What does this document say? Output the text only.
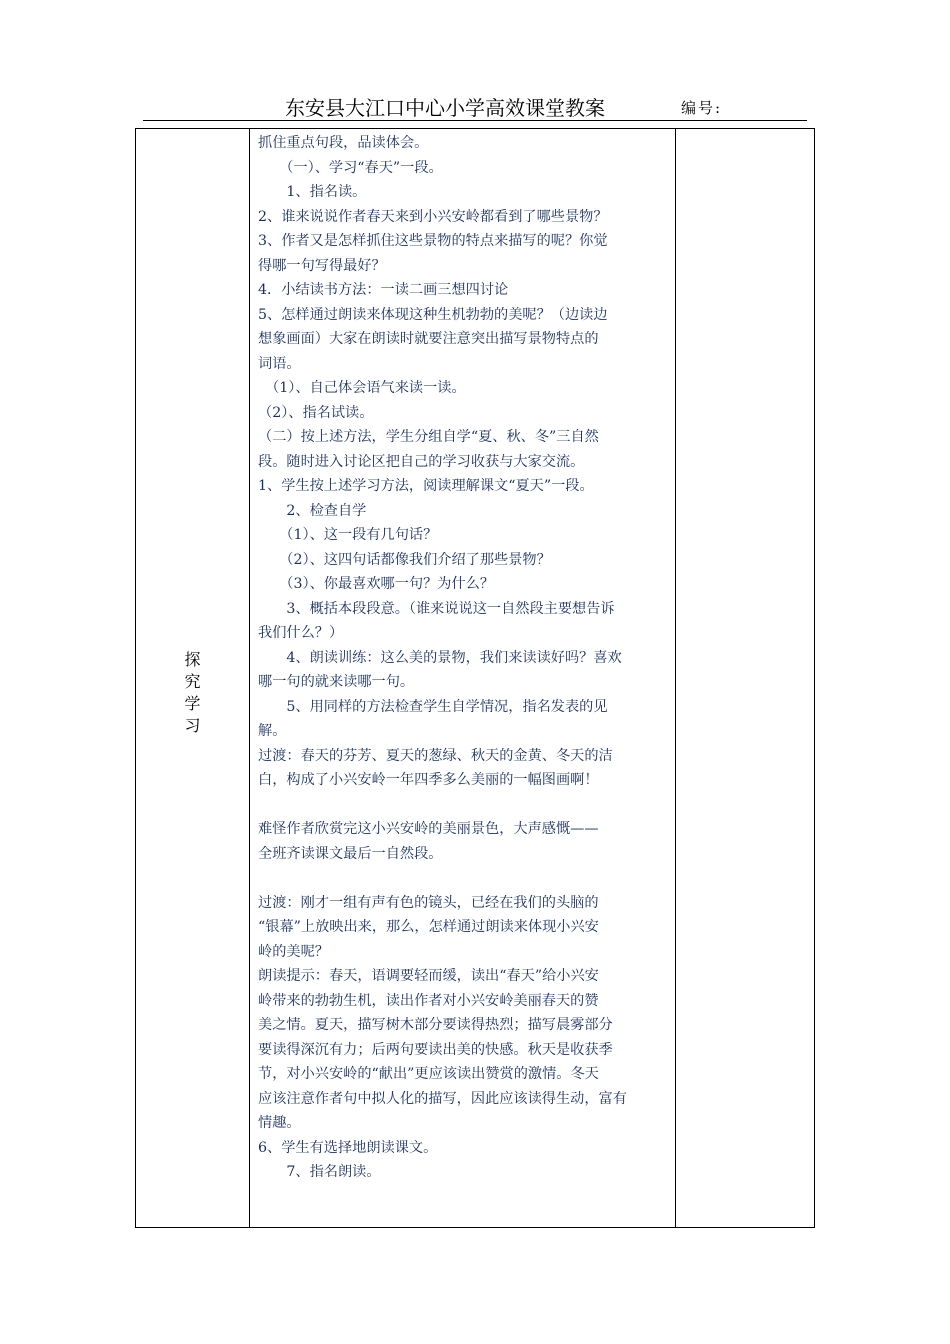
东安县大江口中心小学高效课堂教案	编号:
探
究
学
习
抓住重点句段，品读体会。
　　（一）、学习“春天”一段。
　　1、指名读。
2、谁来说说作者春天来到小兴安岭都看到了哪些景物？
3、作者又是怎样抓住这些景物的特点来描写的呢？你觉
得哪一句写得最好？
4．小结读书方法：一读二画三想四讨论
5、怎样通过朗读来体现这种生机勃勃的美呢？（边读边
想象画面）大家在朗读时就要注意突出描写景物特点的
词语。
　（1）、自己体会语气来读一读。
（2）、指名试读。
（二）按上述方法，学生分组自学“夏、秋、冬”三自然
段。随时进入讨论区把自己的学习收获与大家交流。
1、学生按上述学习方法，阅读理解课文“夏天”一段。
　　2、检查自学
　　（1）、这一段有几句话？
　　（2）、这四句话都像我们介绍了那些景物？
　　（3）、你最喜欢哪一句？为什么？
　　3、概括本段段意。（谁来说说这一自然段主要想告诉
我们什么？）
　　4、朗读训练：这么美的景物，我们来读读好吗？喜欢
哪一句的就来读哪一句。
　　5、用同样的方法检查学生自学情况，指名发表的见
解。
过渡：春天的芬芳、夏天的葱绿、秋天的金黄、冬天的洁
白，构成了小兴安岭一年四季多么美丽的一幅图画啊！
难怪作者欣赏完这小兴安岭的美丽景色，大声感慨——
全班齐读课文最后一自然段。
过渡：刚才一组有声有色的镜头，已经在我们的头脑的
“银幕”上放映出来，那么，怎样通过朗读来体现小兴安
岭的美呢？
朗读提示：春天，语调要轻而缓，读出“春天”给小兴安
岭带来的勃勃生机，读出作者对小兴安岭美丽春天的赞
美之情。夏天，描写树木部分要读得热烈；描写晨雾部分
要读得深沉有力；后两句要读出美的快感。秋天是收获季
节，对小兴安岭的“献出”更应该读出赞赏的激情。冬天
应该注意作者句中拟人化的描写，因此应该读得生动，富有
情趣。
6、学生有选择地朗读课文。
　　7、指名朗读。
